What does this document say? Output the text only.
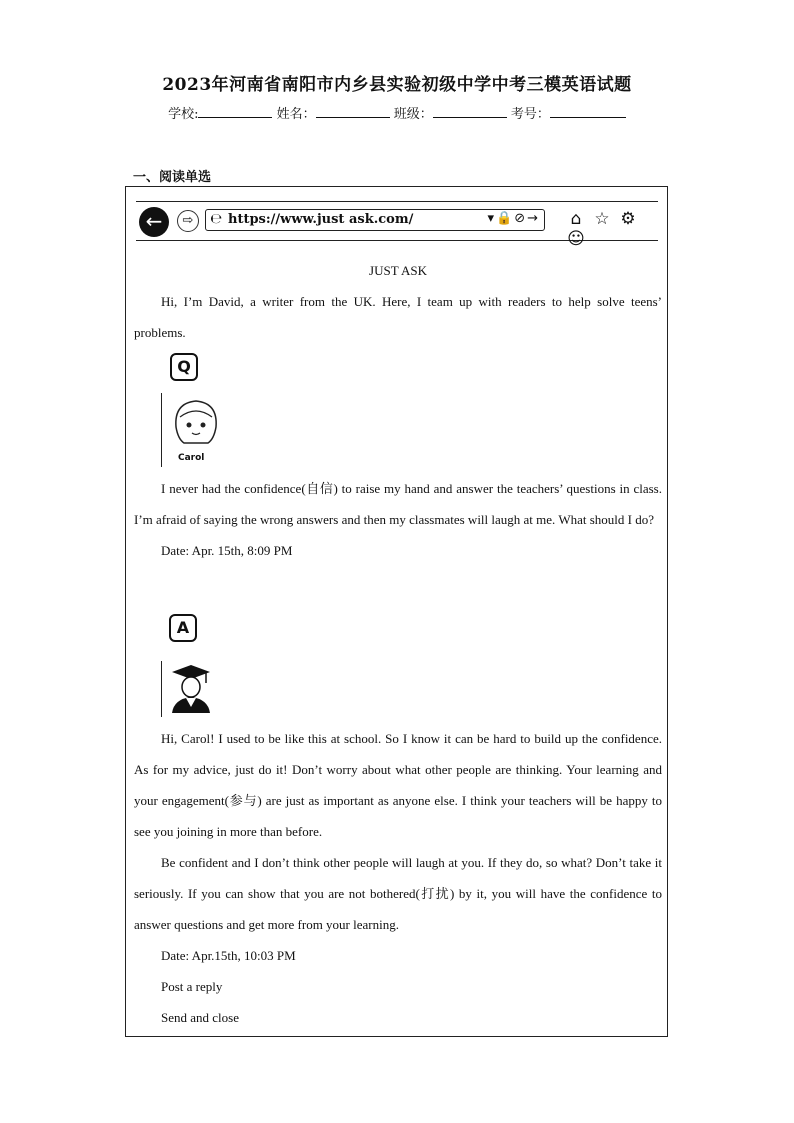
2023年河南省南阳市内乡县实验初级中学中考三模英语试题
学校:	姓名：	班级：	考号：
一、阅读单选
←	⇨	℮ https://www.just ask.com/	▾🔒⊘→	⌂ ☆ ⚙☺

JUST ASK

Hi, I’m David, a writer from the UK. Here, I team up with readers to help solve teens’ problems.

Q
Carol

I never had the confidence(自信) to raise my hand and answer the teachers’ questions in class. I’m afraid of saying the wrong answers and then my classmates will laugh at me. What should I do?

Date: Apr. 15th, 8:09 PM

A

Hi, Carol! I used to be like this at school. So I know it can be hard to build up the confidence. As for my advice, just do it! Don’t worry about what other people are thinking. Your learning and your engagement(参与) are just as important as anyone else. I think your teachers will be happy to see you joining in more than before.

Be confident and I don’t think other people will laugh at you. If they do, so what? Don’t take it seriously. If you can show that you are not bothered(打扰) by it, you will have the confidence to answer questions and get more from your learning.

Date: Apr.15th, 10:03 PM

Post a reply

Send and close
